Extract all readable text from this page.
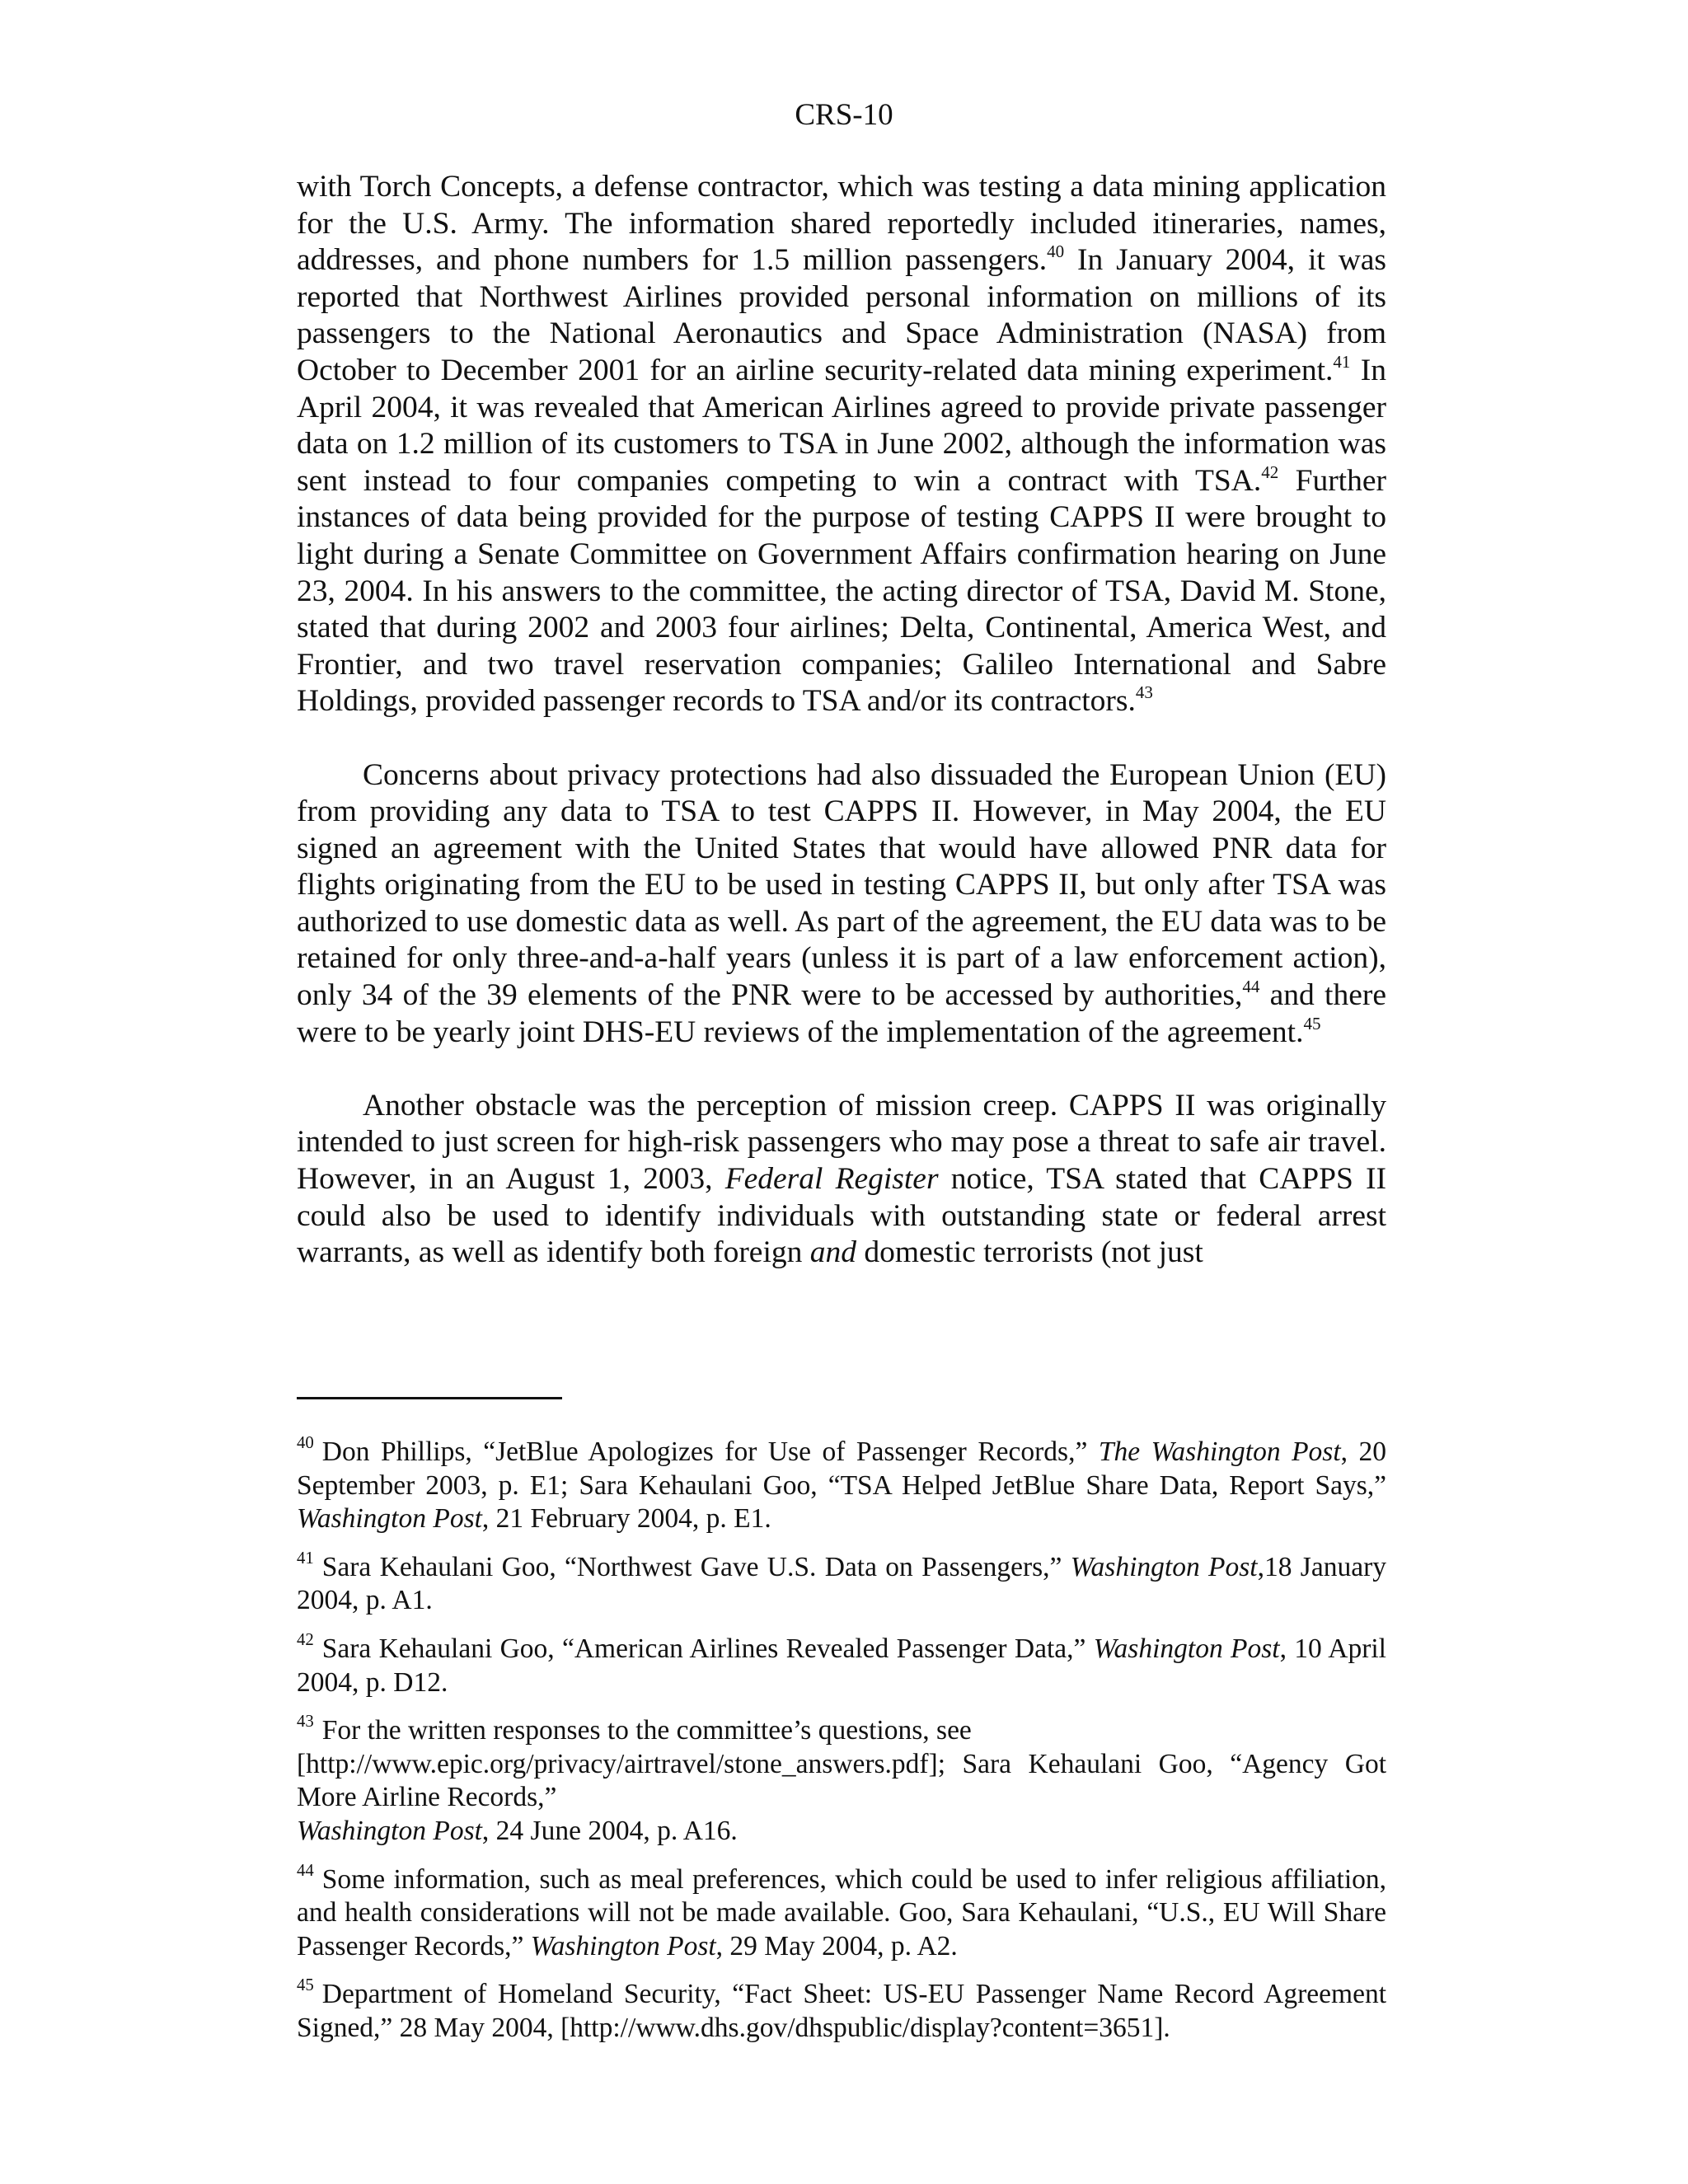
CRS-10

with Torch Concepts, a defense contractor, which was testing a data mining application for the U.S. Army. The information shared reportedly included itineraries, names, addresses, and phone numbers for 1.5 million passengers.$^{40}$ In January 2004, it was reported that Northwest Airlines provided personal information on millions of its passengers to the National Aeronautics and Space Administration (NASA) from October to December 2001 for an airline security-related data mining experiment.$^{41}$ In April 2004, it was revealed that American Airlines agreed to provide private passenger data on 1.2 million of its customers to TSA in June 2002, although the information was sent instead to four companies competing to win a contract with TSA.$^{42}$ Further instances of data being provided for the purpose of testing CAPPS II were brought to light during a Senate Committee on Government Affairs confirmation hearing on June 23, 2004. In his answers to the committee, the acting director of TSA, David M. Stone, stated that during 2002 and 2003 four airlines; Delta, Continental, America West, and Frontier, and two travel reservation companies; Galileo International and Sabre Holdings, provided passenger records to TSA and/or its contractors.$^{43}$

Concerns about privacy protections had also dissuaded the European Union (EU) from providing any data to TSA to test CAPPS II. However, in May 2004, the EU signed an agreement with the United States that would have allowed PNR data for flights originating from the EU to be used in testing CAPPS II, but only after TSA was authorized to use domestic data as well. As part of the agreement, the EU data was to be retained for only three-and-a-half years (unless it is part of a law enforcement action), only 34 of the 39 elements of the PNR were to be accessed by authorities,$^{44}$ and there were to be yearly joint DHS-EU reviews of the implementation of the agreement.$^{45}$

Another obstacle was the perception of mission creep. CAPPS II was originally intended to just screen for high-risk passengers who may pose a threat to safe air travel. However, in an August 1, 2003, Federal Register notice, TSA stated that CAPPS II could also be used to identify individuals with outstanding state or federal arrest warrants, as well as identify both foreign and domestic terrorists (not just

$^{40}$ Don Phillips, “JetBlue Apologizes for Use of Passenger Records,” The Washington Post, 20 September 2003, p. E1; Sara Kehaulani Goo, “TSA Helped JetBlue Share Data, Report Says,” Washington Post, 21 February 2004, p. E1.
$^{41}$ Sara Kehaulani Goo, “Northwest Gave U.S. Data on Passengers,” Washington Post,18 January 2004, p. A1.
$^{42}$ Sara Kehaulani Goo, “American Airlines Revealed Passenger Data,” Washington Post, 10 April 2004, p. D12.
$^{43}$ For the written responses to the committee’s questions, see
[http://www.epic.org/privacy/airtravel/stone_answers.pdf]; Sara Kehaulani Goo, “Agency Got More Airline Records,”
Washington Post, 24 June 2004, p. A16.
$^{44}$ Some information, such as meal preferences, which could be used to infer religious affiliation, and health considerations will not be made available. Goo, Sara Kehaulani, “U.S., EU Will Share Passenger Records,” Washington Post, 29 May 2004, p. A2.
$^{45}$ Department of Homeland Security, “Fact Sheet: US-EU Passenger Name Record Agreement Signed,” 28 May 2004, [http://www.dhs.gov/dhspublic/display?content=3651].
